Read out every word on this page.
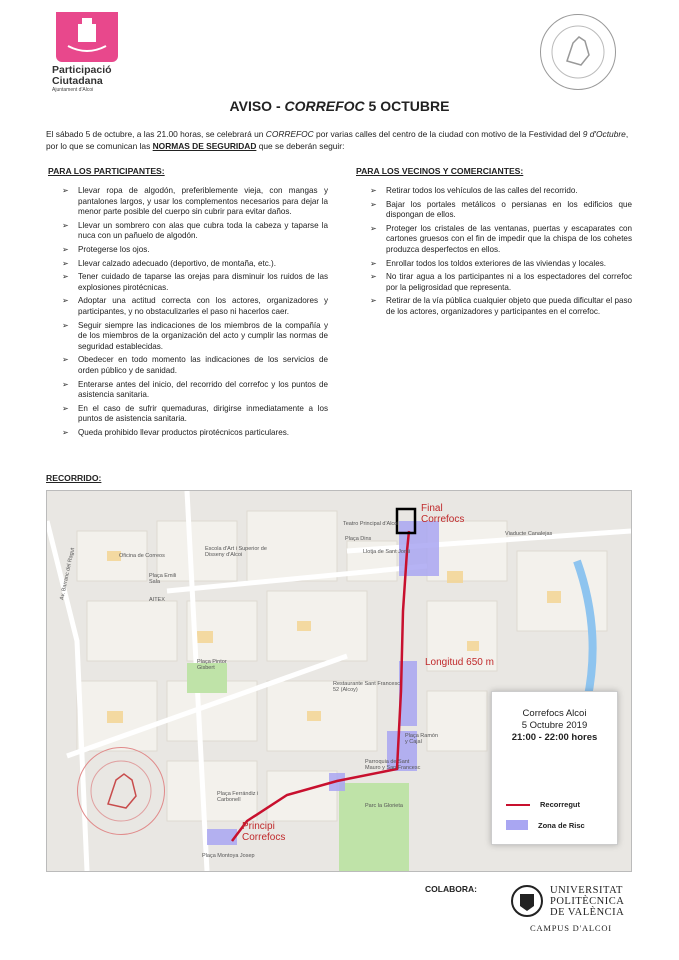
Participació
Ciutadana
Ajuntament d'Alcoi
AVISO - CORREFOC 5 OCTUBRE
El sábado 5 de octubre, a las 21.00 horas, se celebrará un CORREFOC por varias calles del centro de la ciudad con motivo de la Festividad del 9 d'Octubre, por lo que se comunican las NORMAS DE SEGURIDAD que se deberán seguir:
PARA LOS PARTICIPANTES:
➢ Llevar ropa de algodón, preferiblemente vieja, con mangas y pantalones largos, y usar los complementos necesarios para dejar la menor parte posible del cuerpo sin cubrir para evitar daños.
➢ Llevar un sombrero con alas que cubra toda la cabeza y taparse la nuca con un pañuelo de algodón.
➢ Protegerse los ojos.
➢ Llevar calzado adecuado (deportivo, de montaña, etc.).
➢ Tener cuidado de taparse las orejas para disminuir los ruidos de las explosiones pirotécnicas.
➢ Adoptar una actitud correcta con los actores, organizadores y participantes, y no obstaculizarles el paso ni hacerlos caer.
➢ Seguir siempre las indicaciones de los miembros de la compañía y de los miembros de la organización del acto y cumplir las normas de seguridad establecidas.
➢ Obedecer en todo momento las indicaciones de los servicios de orden público y de sanidad.
➢ Enterarse antes del inicio, del recorrido del correfoc y los puntos de asistencia sanitaria.
➢ En el caso de sufrir quemaduras, dirigirse inmediatamente a los puntos de asistencia sanitaria.
➢ Queda prohibido llevar productos pirotécnicos particulares.
PARA LOS VECINOS Y COMERCIANTES:
➢ Retirar todos los vehículos de las calles del recorrido.
➢ Bajar los portales metálicos o persianas en los edificios que dispongan de ellos.
➢ Proteger los cristales de las ventanas, puertas y escaparates con cartones gruesos con el fin de impedir que la chispa de los cohetes produzca desperfectos en ellos.
➢ Enrollar todos los toldos exteriores de las viviendas y locales.
➢ No tirar agua a los participantes ni a los espectadores del correfoc por la peligrosidad que representa.
➢ Retirar de la vía pública cualquier objeto que pueda dificultar el paso de los actores, organizadores y participantes en el correfoc.
RECORRIDO:
Teatro Principal d'Alcoi
Plaça Dins
Llotja de Sant Jordi
Escola d'Art i Superior de Disseny d'Alcoi
Oficina de Correos
Plaça Emili Sala
AITEX
Plaça Pintor Gisbert
Restaurante Sant Francesc 52 (Alcoy)
Plaça Ramón y Cajal
Parroquia de Sant Mauro y San Francesc
Parc la Glorieta
Plaça Ferrándiz i Carbonell
Plaça Montoya Josep
Viaducte Canalejas
Av. Barranc del Ragut
Final Correfocs
Principi Correfocs
Longitud 650 m
Correfocs Alcoi
5 Octubre 2019
21:00 - 22:00 hores
Recorregut
Zona de Risc
COLABORA:	UNIVERSITAT
POLITÈCNICA
DE VALÈNCIA
CAMPUS D'ALCOI
